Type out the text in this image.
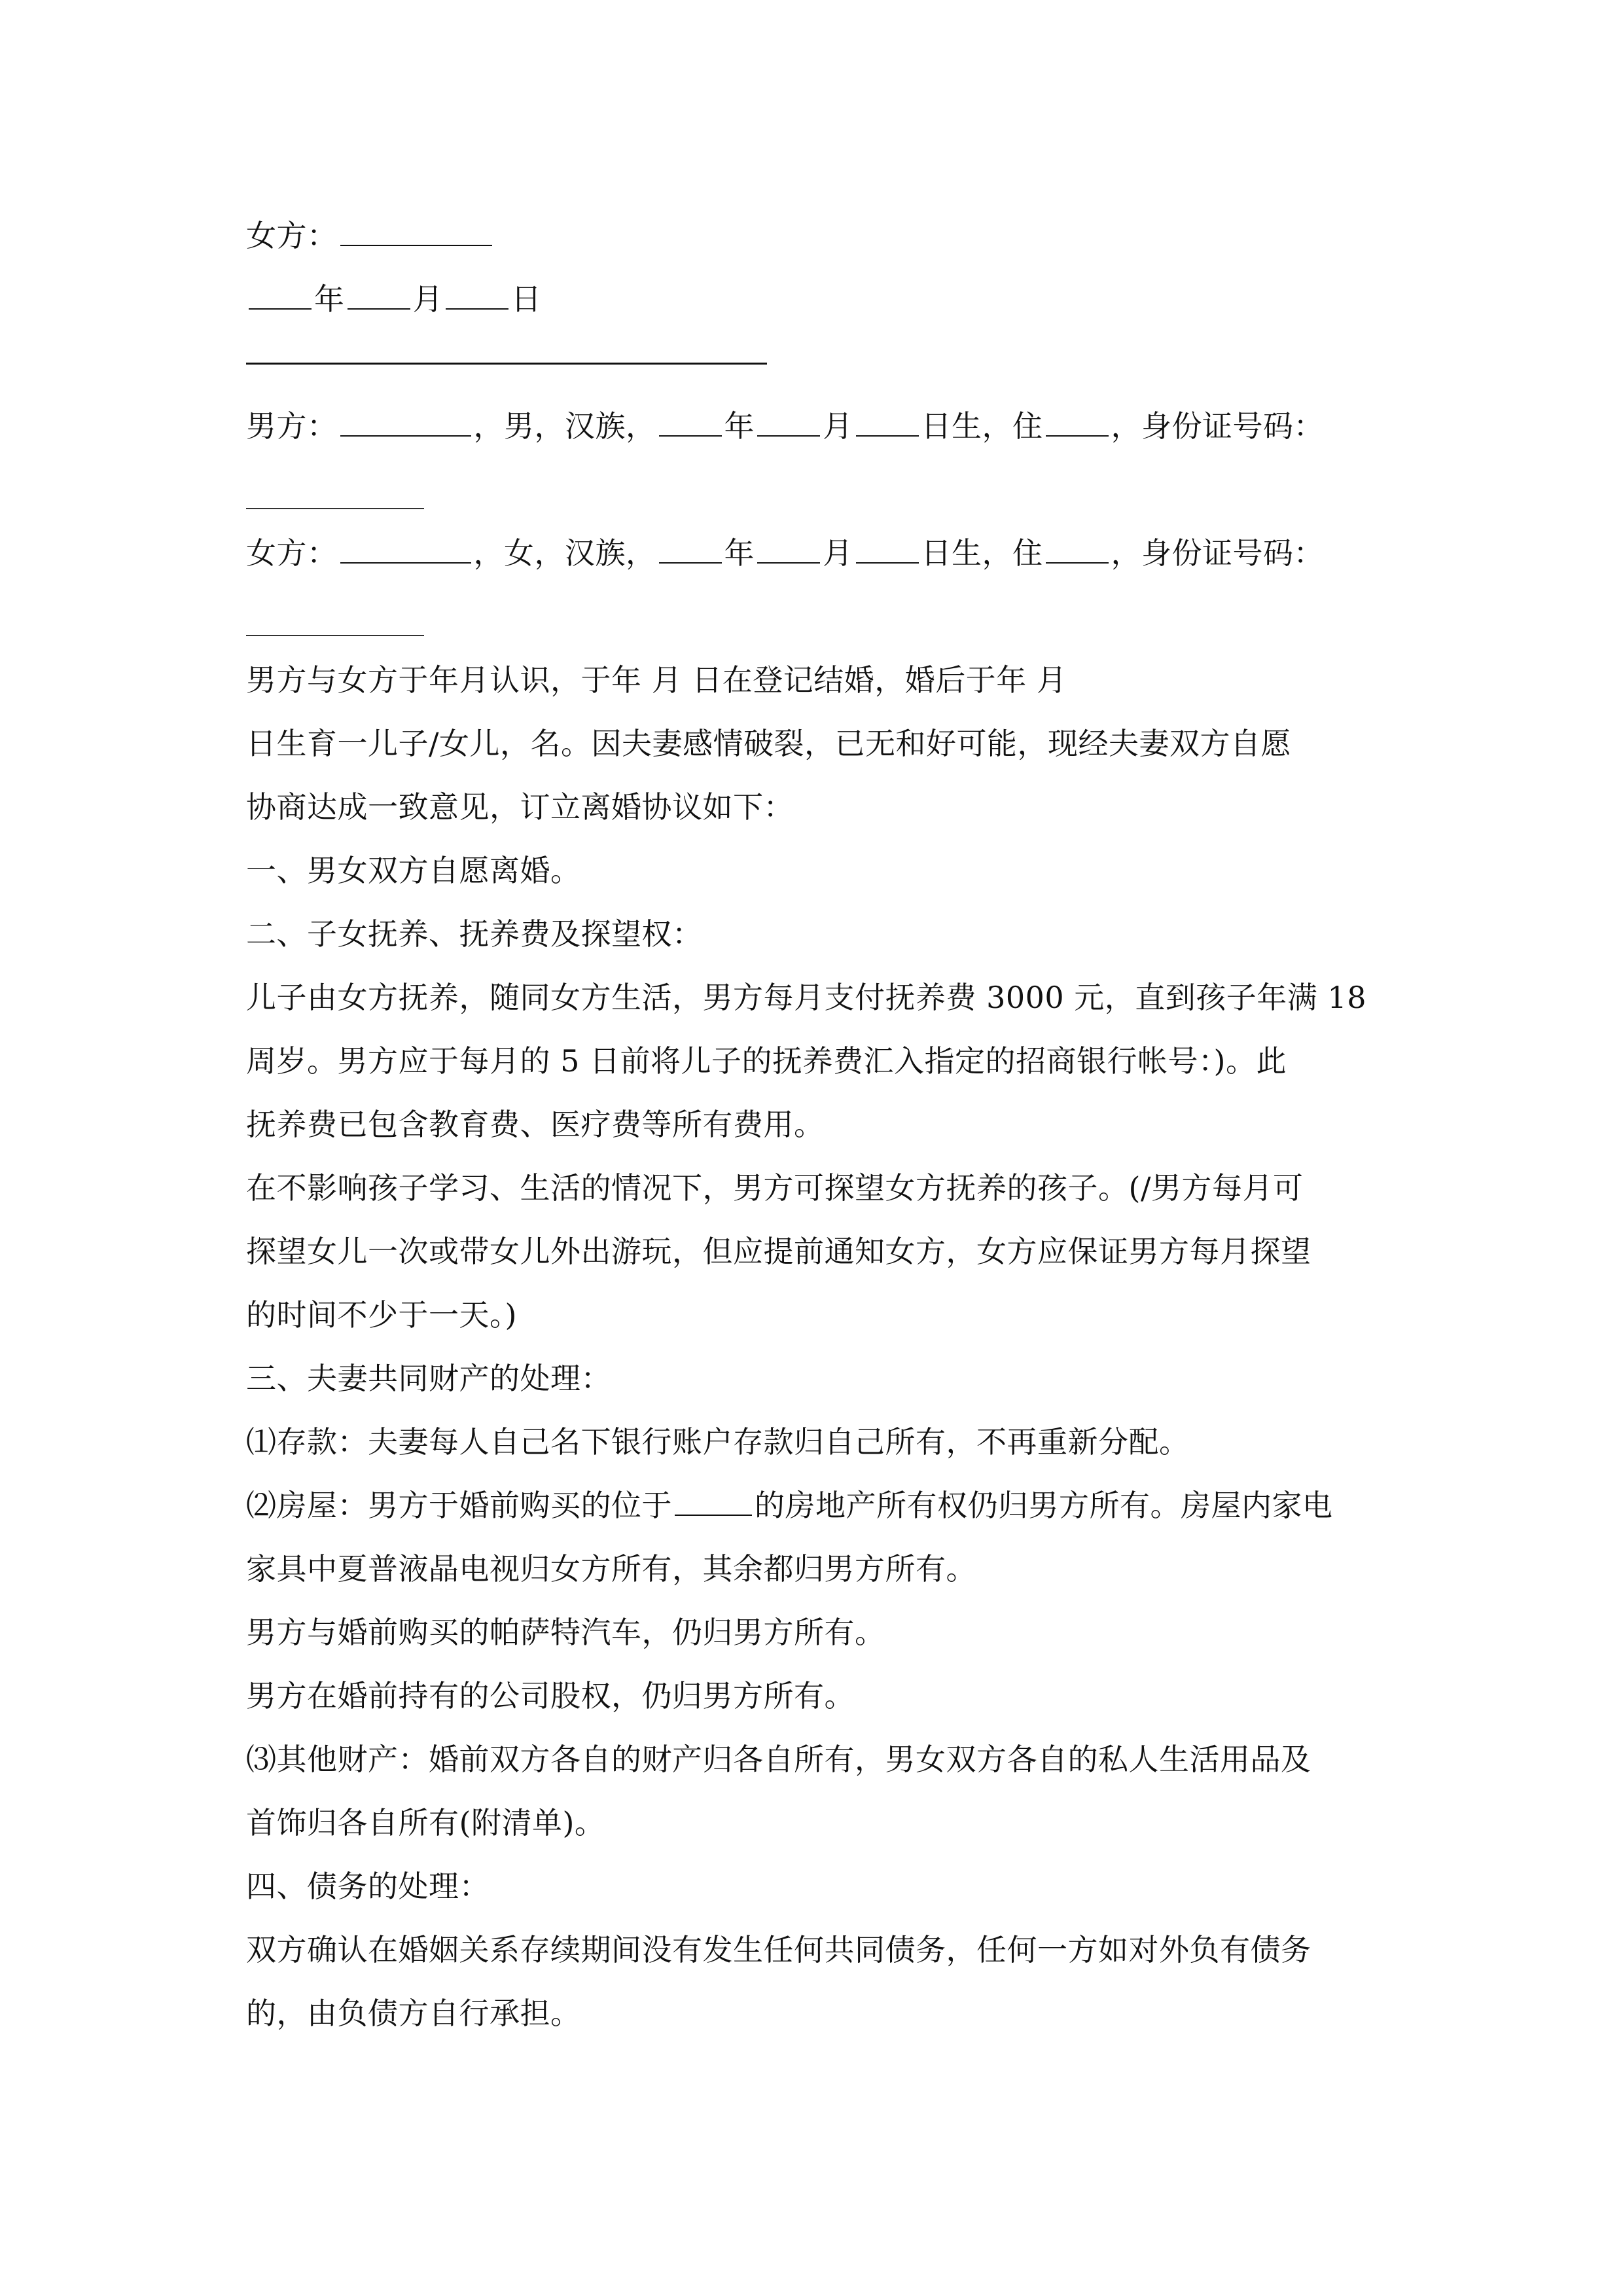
女方：
年 月 日
男方：	，男，汉族， 年 月 日生，住 ，身份证号码：
女方：	，女，汉族， 年 月 日生，住 ，身份证号码：
男方与女方于年月认识，于年 月 日在登记结婚，婚后于年 月
日生育一儿子/女儿，名。因夫妻感情破裂，已无和好可能，现经夫妻双方自愿
协商达成一致意见，订立离婚协议如下：
一、男女双方自愿离婚。
二、子女抚养、抚养费及探望权：
儿子由女方抚养，随同女方生活，男方每月支付抚养费 3000 元，直到孩子年满 18
周岁。男方应于每月的 5 日前将儿子的抚养费汇入指定的招商银行帐号：)。此
抚养费已包含教育费、医疗费等所有费用。
在不影响孩子学习、生活的情况下，男方可探望女方抚养的孩子。(/男方每月可
探望女儿一次或带女儿外出游玩，但应提前通知女方，女方应保证男方每月探望
的时间不少于一天。)
三、夫妻共同财产的处理：
⑴存款：夫妻每人自己名下银行账户存款归自己所有，不再重新分配。
⑵房屋：男方于婚前购买的位于	的房地产所有权仍归男方所有。房屋内家电
家具中夏普液晶电视归女方所有，其余都归男方所有。
男方与婚前购买的帕萨特汽车，仍归男方所有。
男方在婚前持有的公司股权，仍归男方所有。
⑶其他财产：婚前双方各自的财产归各自所有，男女双方各自的私人生活用品及
首饰归各自所有(附清单)。
四、债务的处理：
双方确认在婚姻关系存续期间没有发生任何共同债务，任何一方如对外负有债务
的，由负债方自行承担。
